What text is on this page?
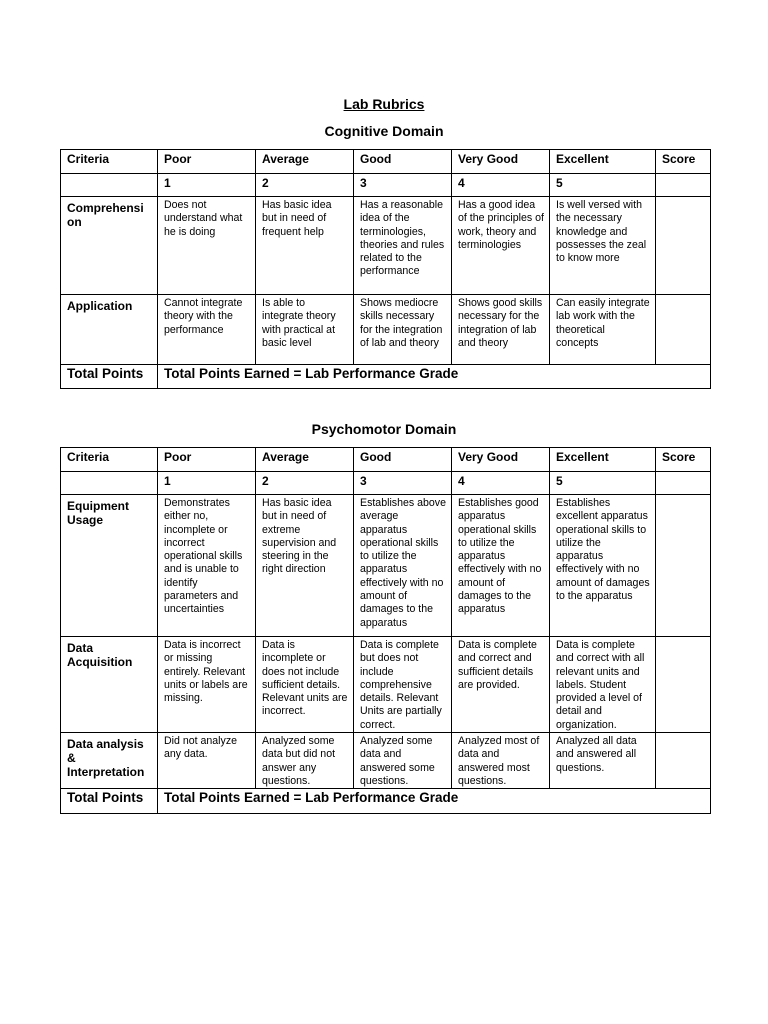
Lab Rubrics
Cognitive Domain
Criteria	Poor	Average	Good	Very Good	Excellent	Score
	1	2	3	4	5	
Comprehensi on	Does not understand what he is doing	Has basic idea but in need of frequent help	Has a reasonable idea of the terminologies, theories and rules related to the performance	Has a good idea of the principles of work, theory and terminologies	Is well versed with the necessary knowledge and possesses the zeal to know more	
Application	Cannot integrate theory with the performance	Is able to integrate theory with practical at basic level	Shows mediocre skills necessary for the integration of lab and theory	Shows good skills necessary for the integration of lab and theory	Can easily integrate lab work with the theoretical concepts	
Total Points	Total Points Earned = Lab Performance Grade					
Psychomotor Domain
Criteria	Poor	Average	Good	Very Good	Excellent	Score
	1	2	3	4	5	
Equipment Usage	Demonstrates either no, incomplete or incorrect operational skills and is unable to identify parameters and uncertainties	Has basic idea but in need of extreme supervision and steering in the right direction	Establishes above average apparatus operational skills to utilize the apparatus effectively with no amount of damages to the apparatus	Establishes good apparatus operational skills to utilize the apparatus effectively with no amount of damages to the apparatus	Establishes excellent apparatus operational skills to utilize the apparatus effectively with no amount of damages to the apparatus	
Data Acquisition	Data is incorrect or missing entirely. Relevant units or labels are missing.	Data is incomplete or does not include sufficient details. Relevant units are incorrect.	Data is complete but does not include comprehensive details. Relevant Units are partially correct.	Data is complete and correct and sufficient details are provided.	Data is complete and correct with all relevant units and labels. Student provided a level of detail and organization.	
Data analysis & Interpretation	Did not analyze any data.	Analyzed some data but did not answer any questions.	Analyzed some data and answered some questions.	Analyzed most of data and answered most questions.	Analyzed all data and answered all questions.	
Total Points	Total Points Earned = Lab Performance Grade					
